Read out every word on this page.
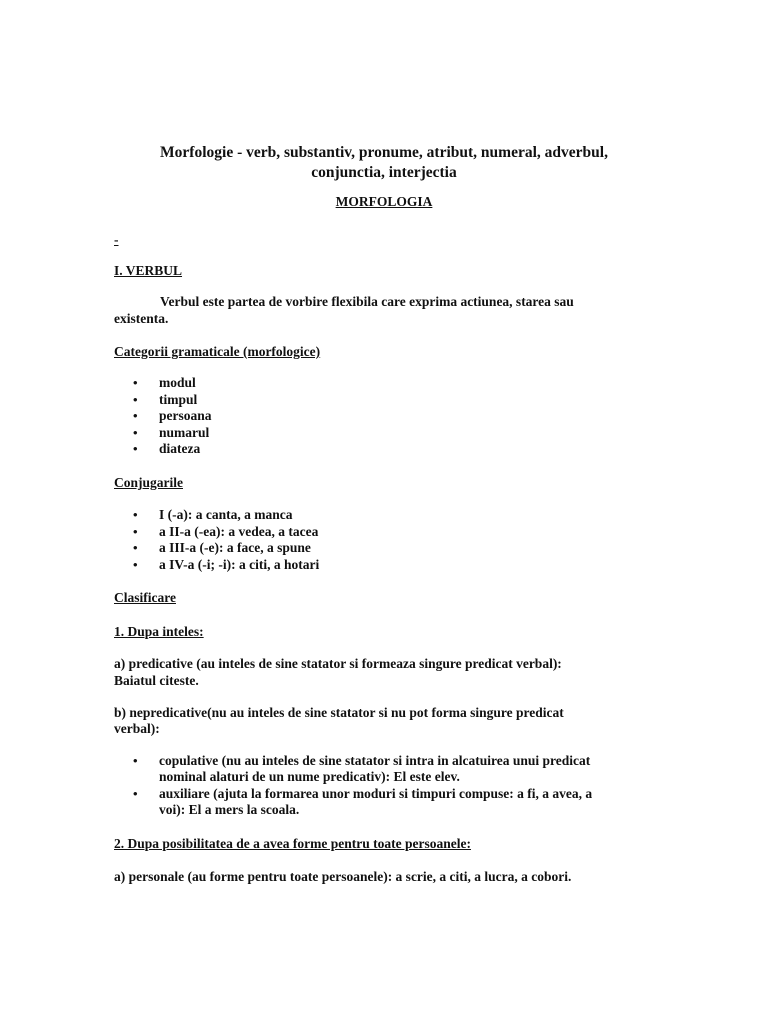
Morfologie - verb, substantiv, pronume, atribut, numeral, adverbul,
conjunctia, interjectia
MORFOLOGIA
-
I. VERBUL
Verbul este partea de vorbire flexibila care exprima actiunea, starea sau
existenta.
Categorii gramaticale (morfologice)
• modul
• timpul
• persoana
• numarul
• diateza
Conjugarile
• I (-a): a canta, a manca
• a II-a (-ea): a vedea, a tacea
• a III-a (-e): a face, a spune
• a IV-a (-i; -i): a citi, a hotari
Clasificare
1. Dupa inteles:
a) predicative (au inteles de sine statator si formeaza singure predicat verbal):
Baiatul citeste.
b) nepredicative(nu au inteles de sine statator si nu pot forma singure predicat
verbal):
• copulative (nu au inteles de sine statator si intra in alcatuirea unui predicat
nominal alaturi de un nume predicativ): El este elev.
• auxiliare (ajuta la formarea unor moduri si timpuri compuse: a fi, a avea, a
voi): El a mers la scoala.
2. Dupa posibilitatea de a avea forme pentru toate persoanele:
a) personale (au forme pentru toate persoanele): a scrie, a citi, a lucra, a cobori.
